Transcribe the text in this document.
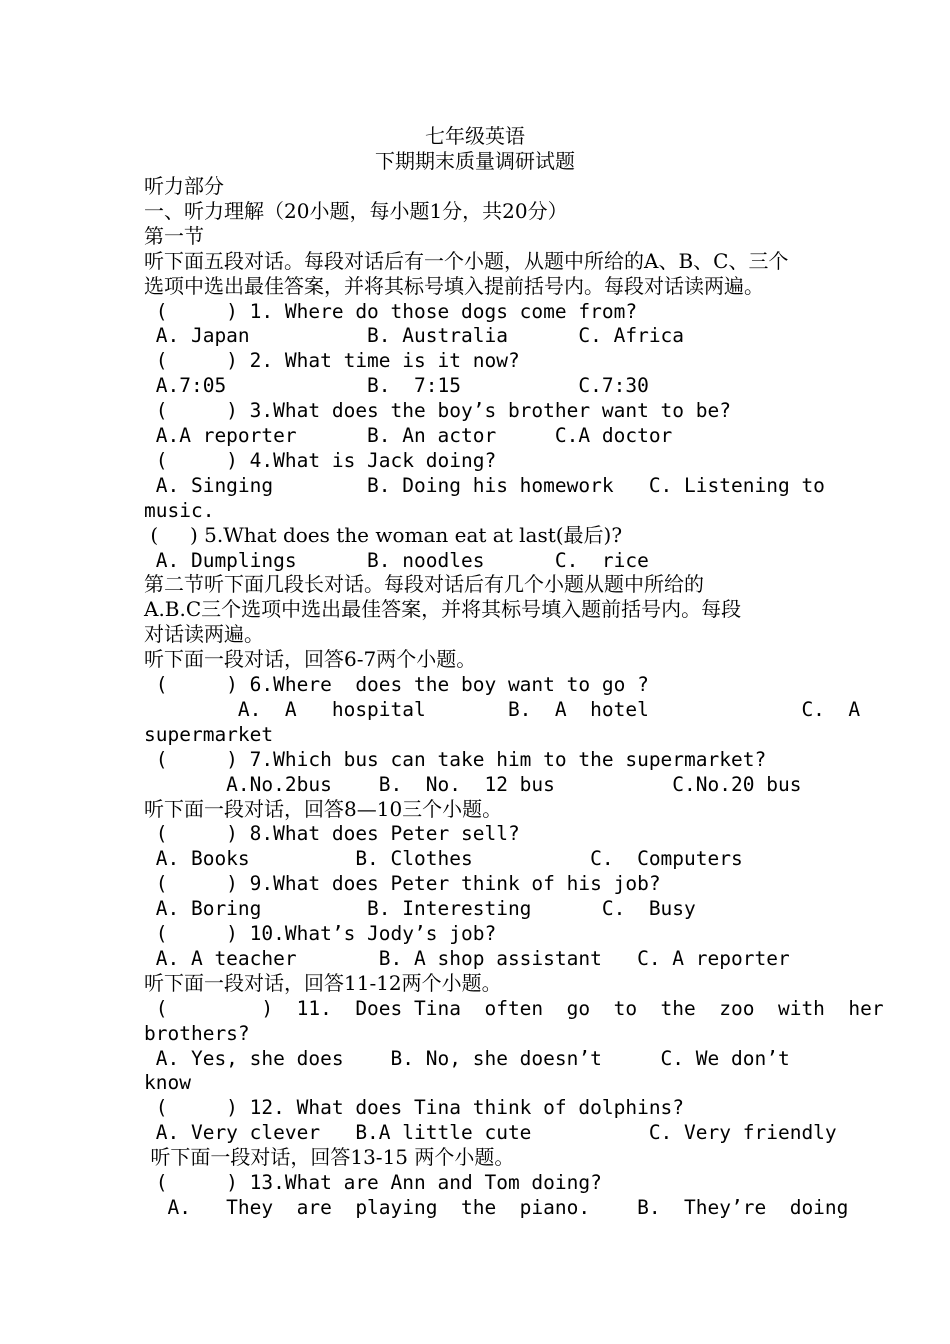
七年级英语
下期期末质量调研试题
听力部分
一、听力理解（20小题，每小题1分，共20分）
第一节
听下面五段对话。每段对话后有一个小题，从题中所给的A、B、C、三个
选项中选出最佳答案，并将其标号填入提前括号内。每段对话读两遍。
(     ) 1. Where do those dogs come from?
A. Japan          B. Australia      C. Africa
(     ) 2. What time is it now?
A.7:05            B.  7:15          C.7:30
(     ) 3.What does the boy’s brother want to be?
A.A reporter      B. An actor     C.A doctor
(     ) 4.What is Jack doing?
A. Singing        B. Doing his homework   C. Listening to
music.
(     ) 5.What does the woman eat at last(最后)?
A. Dumplings      B. noodles      C.  rice
第二节听下面几段长对话。每段对话后有几个小题从题中所给的
A.B.C三个选项中选出最佳答案，并将其标号填入题前括号内。每段
对话读两遍。
听下面一段对话，回答6-7两个小题。
(     ) 6.Where  does the boy want to go ?
A.  A   hospital       B.  A  hotel             C.  A
supermarket
(     ) 7.Which bus can take him to the supermarket?
A.No.2bus    B.  No.  12 bus          C.No.20 bus
听下面一段对话，回答8—10三个小题。
(     ) 8.What does Peter sell?
A. Books         B. Clothes          C.  Computers
(     ) 9.What does Peter think of his job?
A. Boring         B. Interesting      C.  Busy
(     ) 10.What’s Jody’s job?
A. A teacher       B. A shop assistant   C. A reporter
听下面一段对话，回答11-12两个小题。
(        )  11.  Does Tina  often  go  to  the  zoo  with  her
brothers?
A. Yes, she does    B. No, she doesn’t     C. We don’t
know
(     ) 12. What does Tina think of dolphins?
A. Very clever   B.A little cute          C. Very friendly
听下面一段对话，回答13-15 两个小题。
(     ) 13.What are Ann and Tom doing?
A.   They  are  playing  the  piano.    B.  They’re  doing
